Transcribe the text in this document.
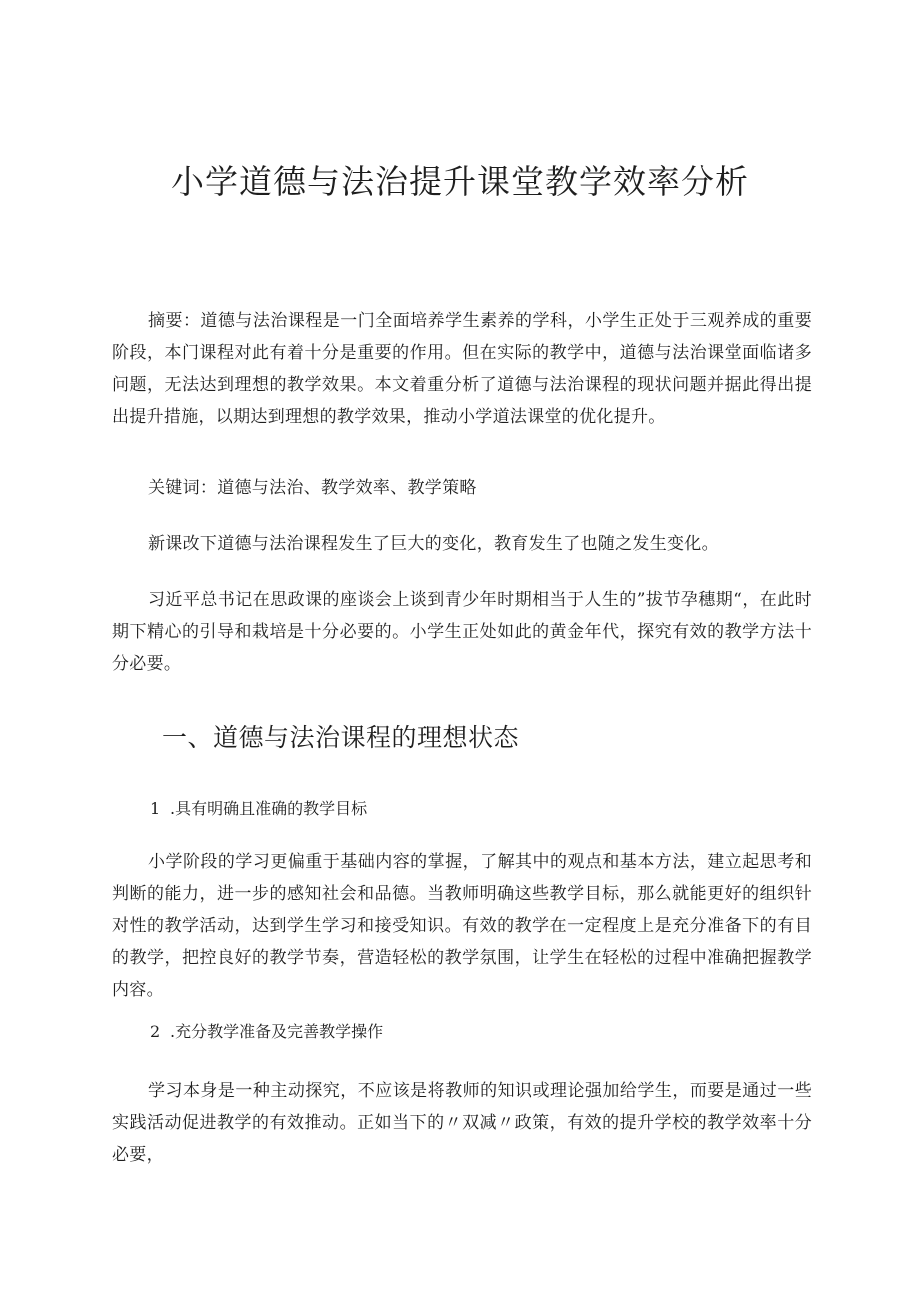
小学道德与法治提升课堂教学效率分析

摘要：道德与法治课程是一门全面培养学生素养的学科，小学生正处于三观养成的重要阶段，本门课程对此有着十分是重要的作用。但在实际的教学中，道德与法治课堂面临诸多问题，无法达到理想的教学效果。本文着重分析了道德与法治课程的现状问题并据此得出提出提升措施，以期达到理想的教学效果，推动小学道法课堂的优化提升。

关键词：道德与法治、教学效率、教学策略

新课改下道德与法治课程发生了巨大的变化，教育发生了也随之发生变化。

习近平总书记在思政课的座谈会上谈到青少年时期相当于人生的”拔节孕穗期“，在此时期下精心的引导和栽培是十分必要的。小学生正处如此的黄金年代，探究有效的教学方法十分必要。

一、道德与法治课程的理想状态
1 .具有明确且准确的教学目标

小学阶段的学习更偏重于基础内容的掌握，了解其中的观点和基本方法，建立起思考和判断的能力，进一步的感知社会和品德。当教师明确这些教学目标，那么就能更好的组织针对性的教学活动，达到学生学习和接受知识。有效的教学在一定程度上是充分准备下的有目的教学，把控良好的教学节奏，营造轻松的教学氛围，让学生在轻松的过程中准确把握教学内容。

2 .充分教学准备及完善教学操作

学习本身是一种主动探究，不应该是将教师的知识或理论强加给学生，而要是通过一些实践活动促进教学的有效推动。正如当下的〃双减〃政策，有效的提升学校的教学效率十分必要，
